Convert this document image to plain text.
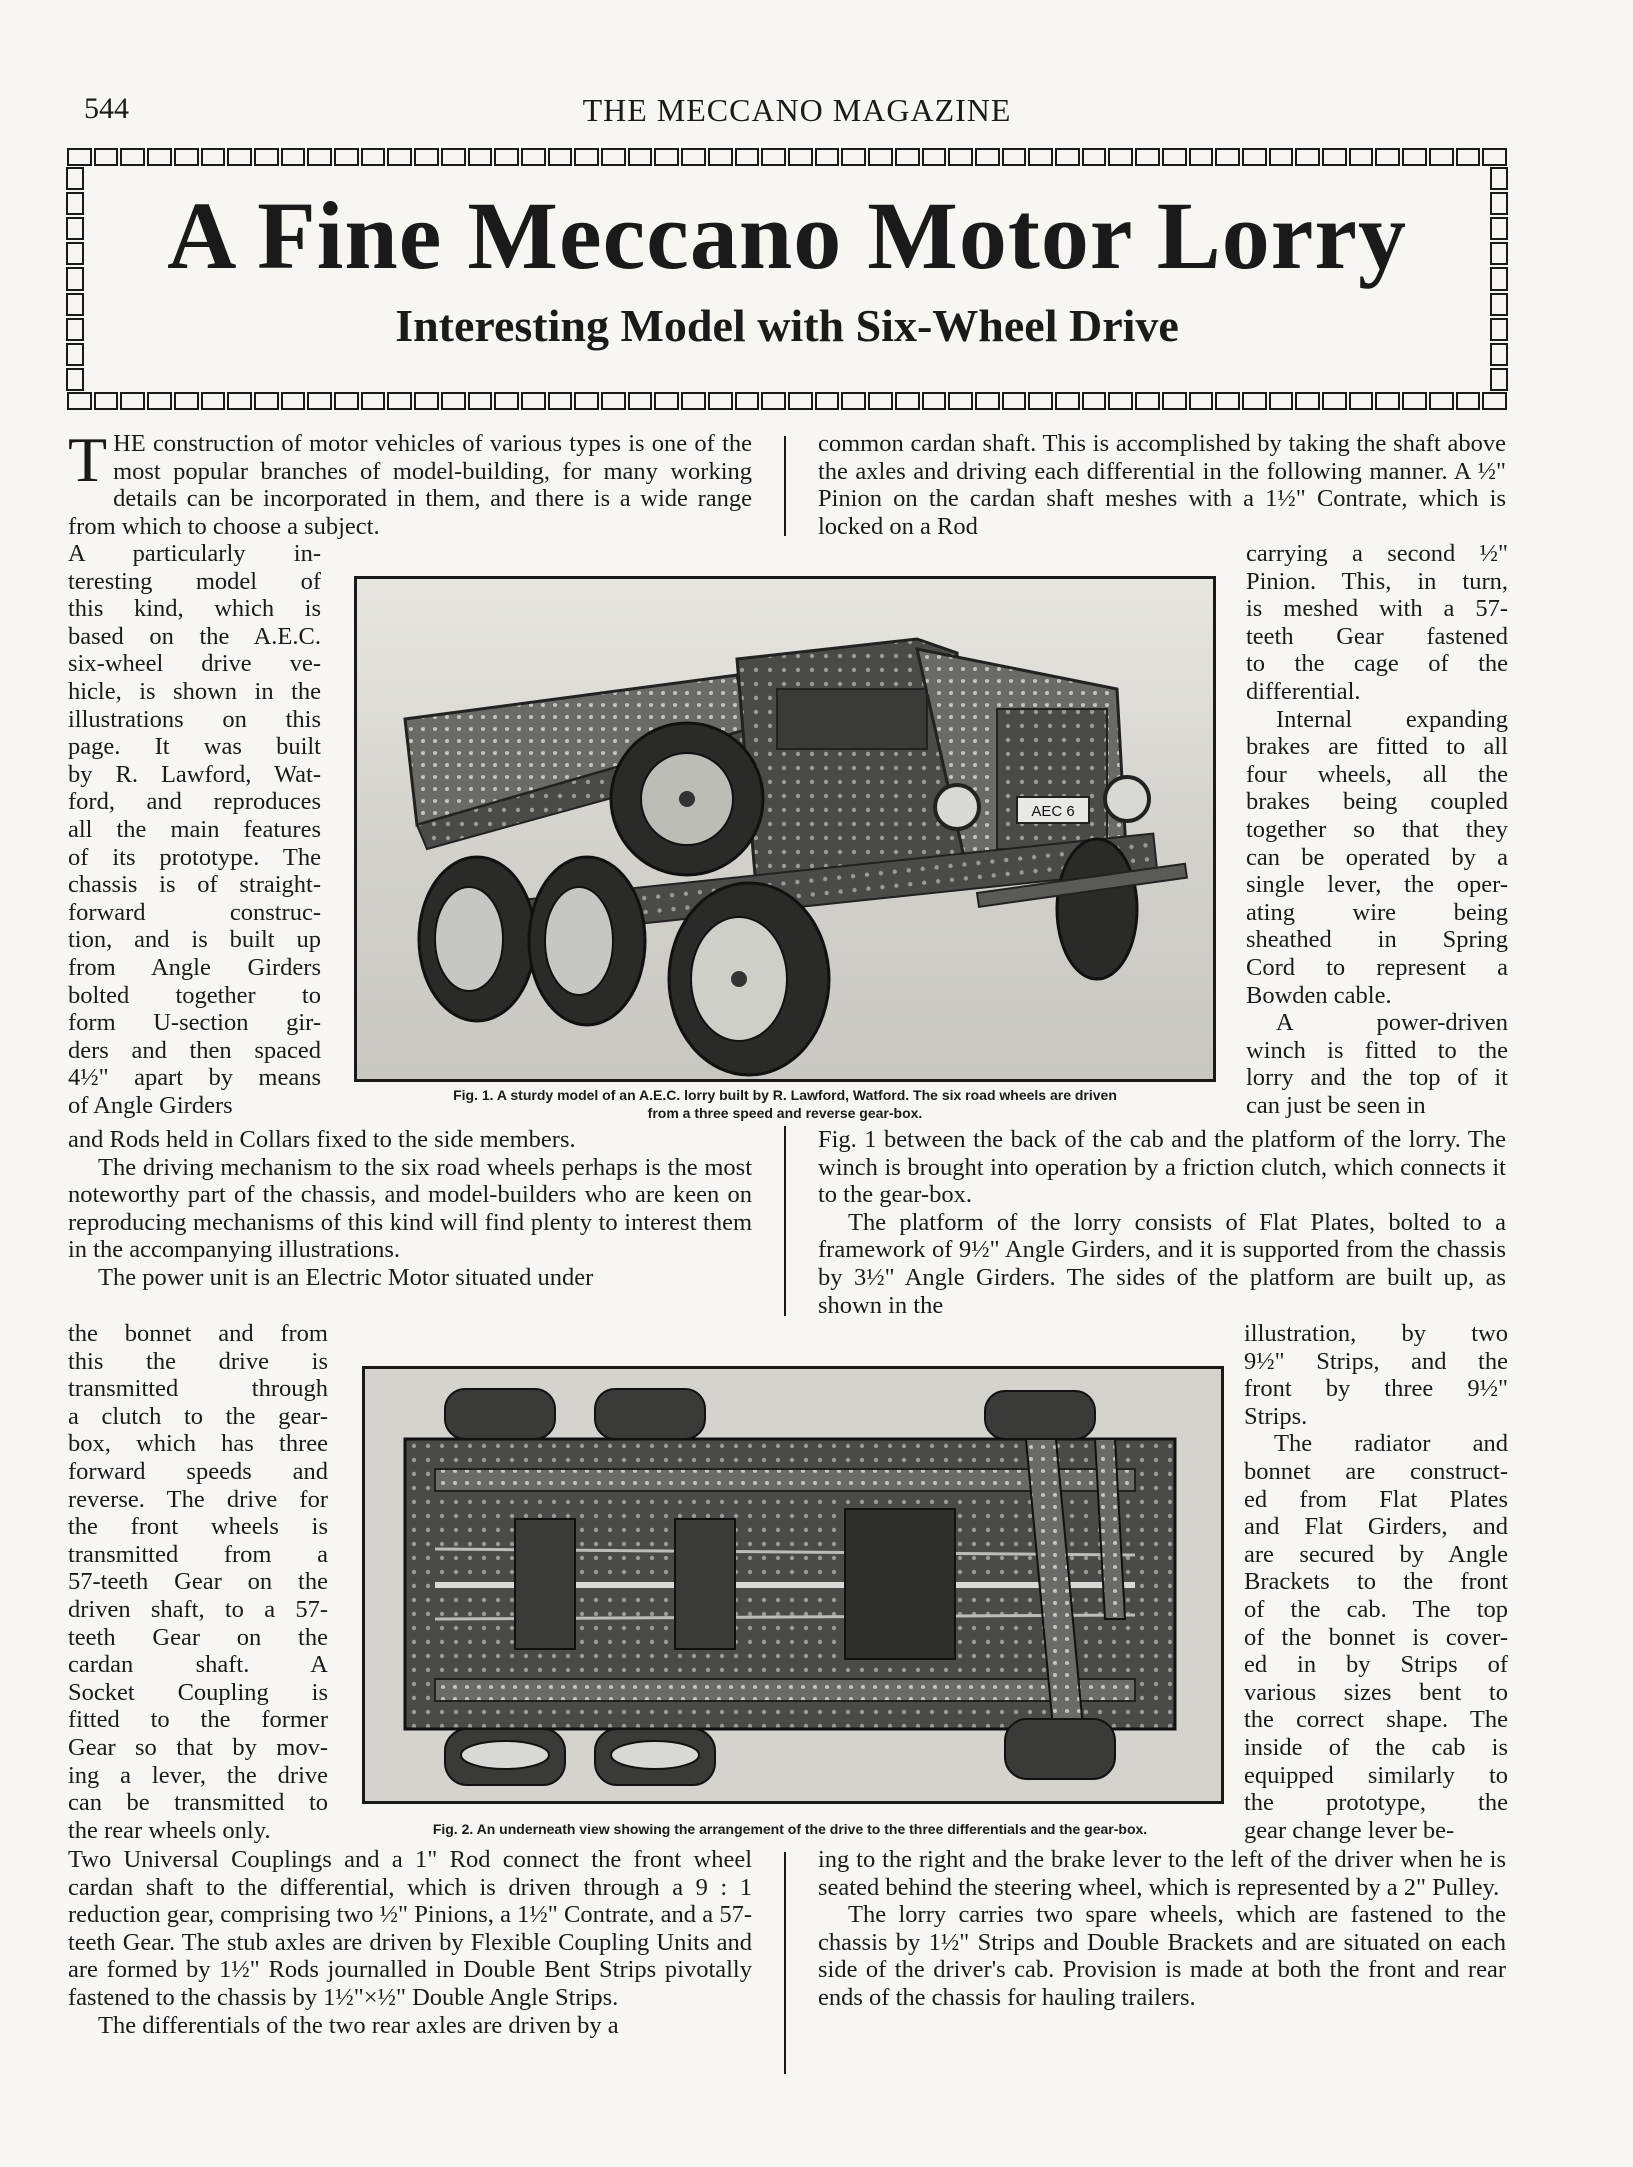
544	THE MECCANO MAGAZINE
A Fine Meccano Motor Lorry
Interesting Model with Six-Wheel Drive

THE construction of motor vehicles of various types is one of the most popular branches of model-building, for many working details can be incorporated in them, and there is a wide range from which to choose a subject.

A particularly in-
teresting model of
this kind, which is
based on the A.E.C.
six-wheel drive ve-
hicle, is shown in the
illustrations on this
page. It was built
by R. Lawford, Wat-
ford, and reproduces
all the main features
of its prototype. The
chassis is of straight-
forward construc-
tion, and is built up
from Angle Girders
bolted together to
form U-section gir-
ders and then spaced
4½" apart by means
of Angle Girders

and Rods held in Collars fixed to the side members.

The driving mechanism to the six road wheels perhaps is the most noteworthy part of the chassis, and model-builders who are keen on reproducing mechanisms of this kind will find plenty to interest them in the accompanying illustrations.

The power unit is an Electric Motor situated under

the bonnet and from
this the drive is
transmitted through
a clutch to the gear-
box, which has three
forward speeds and
reverse. The drive for
the front wheels is
transmitted from a
57-teeth Gear on the
driven shaft, to a 57-
teeth Gear on the
cardan shaft. A
Socket Coupling is
fitted to the former
Gear so that by mov-
ing a lever, the drive
can be transmitted to
the rear wheels only.

Two Universal Couplings and a 1" Rod connect the front wheel cardan shaft to the differential, which is driven through a 9 : 1 reduction gear, comprising two ½" Pinions, a 1½" Contrate, and a 57-teeth Gear. The stub axles are driven by Flexible Coupling Units and are formed by 1½" Rods journalled in Double Bent Strips pivotally fastened to the chassis by 1½"×½" Double Angle Strips.

The differentials of the two rear axles are driven by a

common cardan shaft. This is accomplished by taking the shaft above the axles and driving each differential in the following manner. A ½" Pinion on the cardan shaft meshes with a 1½" Contrate, which is locked on a Rod

carrying a second ½"
Pinion. This, in turn,
is meshed with a 57-
teeth Gear fastened
to the cage of the
differential.
Internal expanding
brakes are fitted to all
four wheels, all the
brakes being coupled
together so that they
can be operated by a
single lever, the oper-
ating wire being
sheathed in Spring
Cord to represent a
Bowden cable.
A power-driven
winch is fitted to the
lorry and the top of it
can just be seen in

Fig. 1 between the back of the cab and the platform of the lorry. The winch is brought into operation by a friction clutch, which connects it to the gear-box.

The platform of the lorry consists of Flat Plates, bolted to a framework of 9½" Angle Girders, and it is supported from the chassis by 3½" Angle Girders. The sides of the platform are built up, as shown in the

illustration, by two
9½" Strips, and the
front by three 9½"
Strips.
The radiator and
bonnet are construct-
ed from Flat Plates
and Flat Girders, and
are secured by Angle
Brackets to the front
of the cab. The top
of the bonnet is cover-
ed in by Strips of
various sizes bent to
the correct shape. The
inside of the cab is
equipped similarly to
the prototype, the
gear change lever be-

ing to the right and the brake lever to the left of the driver when he is seated behind the steering wheel, which is represented by a 2" Pulley.

The lorry carries two spare wheels, which are fastened to the chassis by 1½" Strips and Double Brackets and are situated on each side of the driver's cab. Provision is made at both the front and rear ends of the chassis for hauling trailers.

AEC 6
Fig. 1. A sturdy model of an A.E.C. lorry built by R. Lawford, Watford. The six road wheels are driven
from a three speed and reverse gear-box.
Fig. 2. An underneath view showing the arrangement of the drive to the three differentials and the gear-box.
